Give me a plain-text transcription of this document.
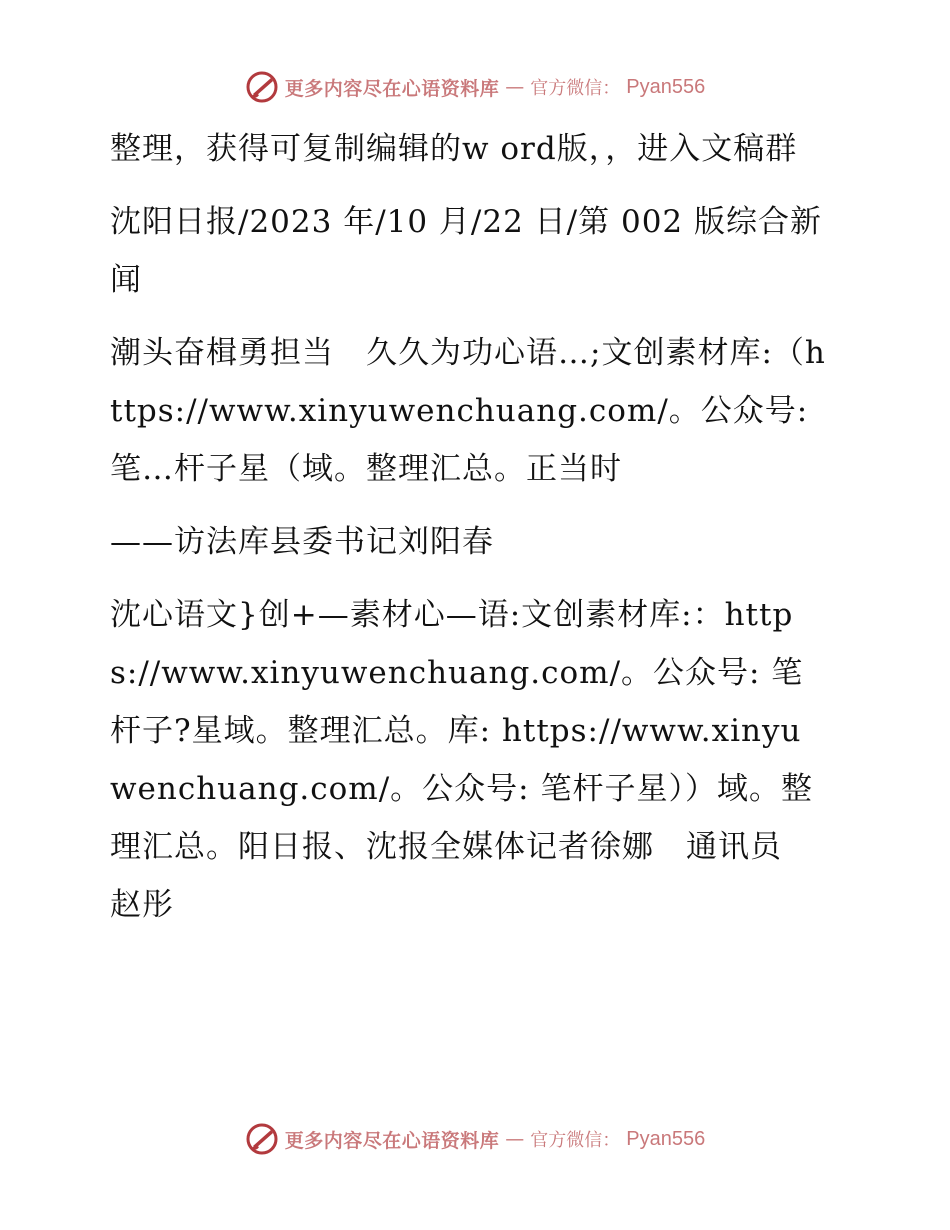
更多内容尽在心语资料库 — 官方微信： Pyan556

整理，获得可复制编辑的w ord版，，进入文稿群

沈阳日报/2023 年/10 月/22 日/第 002 版综合新闻

潮头奋楫勇担当　久久为功心语…;文创素材库:（https://www.xinyuwenchuang.com/。公众号:笔…杆子星（域。整理汇总。正当时

——访法库县委书记刘阳春

沈心语文}创+—素材心—语:文创素材库:：https://www.xinyuwenchuang.com/。公众号: 笔杆子?星域。整理汇总。库: https://www.xinyuwenchuang.com/。公众号: 笔杆子星））域。整理汇总。阳日报、沈报全媒体记者徐娜　通讯员　赵彤

更多内容尽在心语资料库 — 官方微信： Pyan556
